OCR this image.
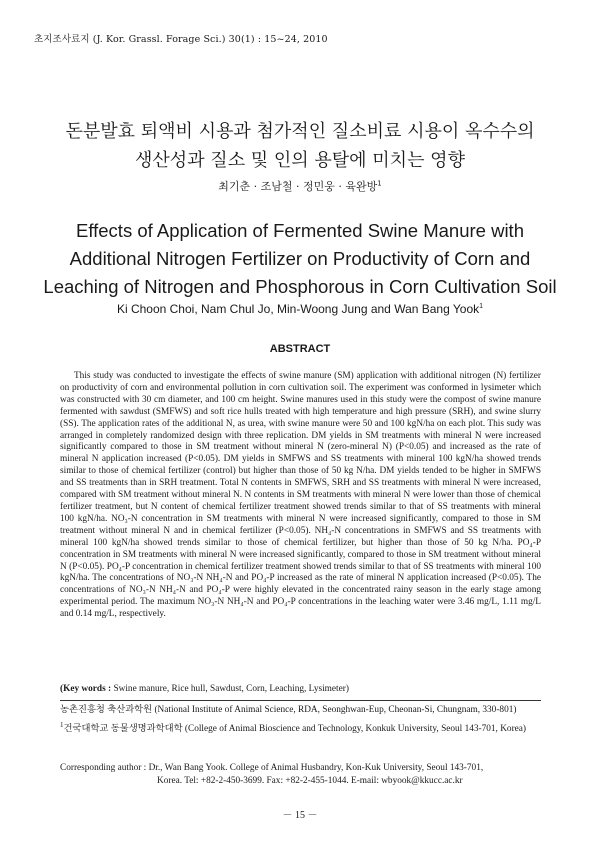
초지조사료지 (J. Kor. Grassl. Forage Sci.) 30(1) : 15~24, 2010
돈분발효 퇴액비 시용과 첨가적인 질소비료 시용이 옥수수의
생산성과 질소 및 인의 용탈에 미치는 영향
최기춘 · 조남철 · 정민웅 · 육완방$^1$
Effects of Application of Fermented Swine Manure with
Additional Nitrogen Fertilizer on Productivity of Corn and
Leaching of Nitrogen and Phosphorous in Corn Cultivation Soil
Ki Choon Choi, Nam Chul Jo, Min-Woong Jung and Wan Bang Yook$^1$
ABSTRACT

This study was conducted to investigate the effects of swine manure (SM) application with additional nitrogen (N) fertilizer on productivity of corn and environmental pollution in corn cultivation soil. The experiment was conformed in lysimeter which was constructed with 30 cm diameter, and 100 cm height. Swine manures used in this study were the compost of swine manure fermented with sawdust (SMFWS) and soft rice hulls treated with high temperature and high pressure (SRH), and swine slurry (SS). The application rates of the additional N, as urea, with swine manure were 50 and 100 kgN/ha on each plot. This sudy was arranged in completely randomized design with three replication. DM yields in SM treatments with mineral N were increased significantly compared to those in SM treatment without mineral N (zero-mineral N) (P<0.05) and increased as the rate of mineral N application increased (P<0.05). DM yields in SMFWS and SS treatments with mineral 100 kgN/ha showed trends similar to those of chemical fertilizer (control) but higher than those of 50 kg N/ha. DM yields tended to be higher in SMFWS and SS treatments than in SRH treatment. Total N contents in SMFWS, SRH and SS treatments with mineral N were increased, compared with SM treatment without mineral N. N contents in SM treatments with mineral N were lower than those of chemical fertilizer treatment, but N content of chemical fertilizer treatment showed trends similar to that of SS treatments with mineral 100 kgN/ha. NO₃-N concentration in SM treatments with mineral N were increased significantly, compared to those in SM treatment without mineral N and in chemical fertilizer (P<0.05). NH₄-N concentrations in SMFWS and SS treatments with mineral 100 kgN/ha showed trends similar to those of chemical fertilizer, but higher than those of 50 kg N/ha. PO₄-P concentration in SM treatments with mineral N were increased significantly, compared to those in SM treatment without mineral N (P<0.05). PO₄-P concentration in chemical fertilizer treatment showed trends similar to that of SS treatments with mineral 100 kgN/ha. The concentrations of NO₃-N NH₄-N and PO₄-P increased as the rate of mineral N application increased (P<0.05). The concentrations of NO₃-N NH₄-N and PO₄-P were highly elevated in the concentrated rainy season in the early stage among experimental period. The maximum NO₃-N NH₄-N and PO₄-P concentrations in the leaching water were 3.46 mg/L, 1.11 mg/L and 0.14 mg/L, respectively.

(Key words : Swine manure, Rice hull, Sawdust, Corn, Leaching, Lysimeter)
농촌진흥청 축산과학원 (National Institute of Animal Science, RDA, Seonghwan-Eup, Cheonan-Si, Chungnam, 330-801)
$^1$건국대학교 동물생명과학대학 (College of Animal Bioscience and Technology, Konkuk University, Seoul 143-701, Korea)
Corresponding author : Dr., Wan Bang Yook. College of Animal Husbandry, Kon-Kuk University, Seoul 143-701,
Korea. Tel: +82-2-450-3699. Fax: +82-2-455-1044. E-mail: wbyook@kkucc.ac.kr
－ 15 －
